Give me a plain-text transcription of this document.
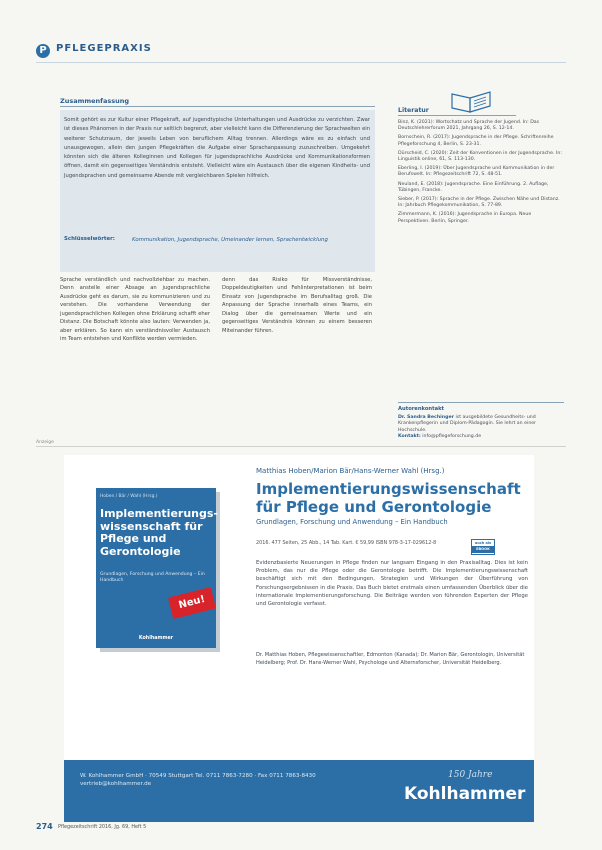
P PFLEGEPRAXIS
Zusammenfassung
Somit gehört es zur Kultur einer Pflegekraft, auf jugendtypische Unterhaltungen und Ausdrücke zu verzichten. Zwar ist dieses Phänomen in der Praxis nur seltlich begrenzt, aber vielleicht kann die Differenzierung der Sprachwelten ein weiterer Schutzraum, der jeweils Leben von beruflichem Alltag trennen. Allerdings wäre es zu einfach und unausgewogen, allein den jungen Pflegekräften die Aufgabe einer Sprachanpassung zuzuschreiben. Umgekehrt könnten sich die älteren Kolleginnen und Kollegen für jugendsprachliche Ausdrücke und Kommunikationsformen öffnen, damit ein gegenseitiges Verständnis entsteht. Vielleicht wäre ein Austausch über die eigenen Kindheits- und Jugendsprachen und gemeinsame Abende mit vergleichbaren Spielen hilfreich.
Schlüsselwörter:	Kommunikation, Jugendsprache, Umeinander lernen, Sprachentwicklung
Literatur
Binz, K. (2021): Wortschatz und Sprache der Jugend. In: Das Deutschlehrerforum 2021, Jahrgang 26, S. 12-14.
Bornschein, R. (2017): Jugendsprache in der Pflege. Schriftenreihe Pflegeforschung 4, Berlin, S. 23-31.
Dürscheid, C. (2020): Zeit der Konventionen in der Jugendsprache. In: Linguistik online, 61, S. 113-130.
Eberling, I. (2019): Über Jugendsprache und Kommunikation in der Berufswelt. In: Pflegezeitschrift 72, S. 48-51.
Neuland, E. (2018): Jugendsprache. Eine Einführung. 2. Auflage, Tübingen, Francke.
Sieber, P. (2017): Sprache in der Pflege. Zwischen Nähe und Distanz. In: Jahrbuch Pflegekommunikation, S. 77-89.
Zimmermann, K. (2016): Jugendsprache in Europa. Neue Perspektiven. Berlin, Springer.
Autorenkontakt
Dr. Sandra Bechinger ist ausgebildete Gesundheits- und Krankenpflegerin und Diplom-Pädagogin. Sie lehrt an einer Hochschule.
Kontakt: info@pflegeforschung.de
Sprache verständlich und nachvollziehbar zu machen. Denn anstelle einer Absage an jugendsprachliche Ausdrücke geht es darum, sie zu kommunizieren und zu verstehen. Die vorhandene Verwendung der jugendsprachlichen Kollegen ohne Erklärung schafft eher Distanz. Die Botschaft könnte also lauten: Verwenden ja, aber erklären. So kann ein verständnisvoller Austausch im Team entstehen und Konflikte werden vermieden.
denn das Risiko für Missverständnisse, Doppeldeutigkeiten und Fehlinterpretationen ist beim Einsatz von Jugendsprache im Berufsalltag groß. Die Anpassung der Sprache innerhalb eines Teams, ein Dialog über die gemeinsamen Werte und ein gegenseitiges Verständnis können zu einem besseren Miteinander führen.
Anzeige
Hoben / Bär / Wahl (Hrsg.)
Implementierungs-wissenschaft für Pflege und Gerontologie
Grundlagen, Forschung und Anwendung – Ein Handbuch
Kohlhammer
Neu!
Matthias Hoben/Marion Bär/Hans-Werner Wahl (Hrsg.)
Implementierungswissenschaft für Pflege und Gerontologie
Grundlagen, Forschung und Anwendung – Ein Handbuch
2016. 477 Seiten, 25 Abb., 14 Tab. Kart. € 59,99 ISBN 978-3-17-029612-8	auch als
EBOOK
Evidenzbasierte Neuerungen in Pflege finden nur langsam Eingang in den Praxisalltag. Dies ist kein Problem, das nur die Pflege oder die Gerontologie betrifft. Die Implementierungswissenschaft beschäftigt sich mit den Bedingungen, Strategien und Wirkungen der Überführung von Forschungsergebnissen in die Praxis. Das Buch bietet erstmals einen umfassenden Überblick über die internationale Implementierungsforschung. Die Beiträge werden von führenden Experten der Pflege und Gerontologie verfasst.
Dr. Matthias Hoben, Pflegewissenschaftler, Edmonton (Kanada); Dr. Marion Bär, Gerontologin, Universität Heidelberg; Prof. Dr. Hans-Werner Wahl, Psychologe und Alternsforscher, Universität Heidelberg.
W. Kohlhammer GmbH · 70549 Stuttgart Tel. 0711 7863-7280 · Fax 0711 7863-8430 vertrieb@kohlhammer.de
150 Jahre
Kohlhammer
274 Pflegezeitschrift 2016, Jg. 69, Heft 5
